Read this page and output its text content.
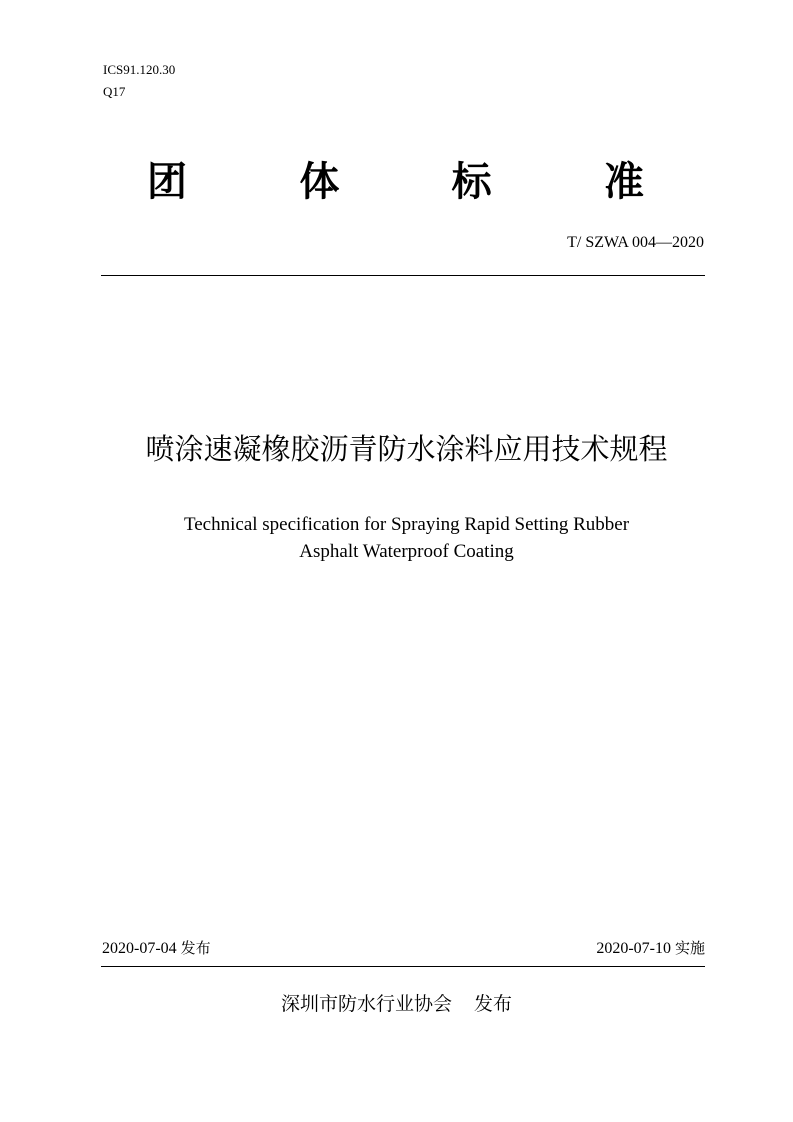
ICS91.120.30
Q17
团	体	标	准
T/ SZWA 004—2020
喷涂速凝橡胶沥青防水涂料应用技术规程
Technical specification for Spraying Rapid Setting Rubber
Asphalt Waterproof Coating
2020-07-04 发布	2020-07-10 实施
深圳市防水行业协会 发布
